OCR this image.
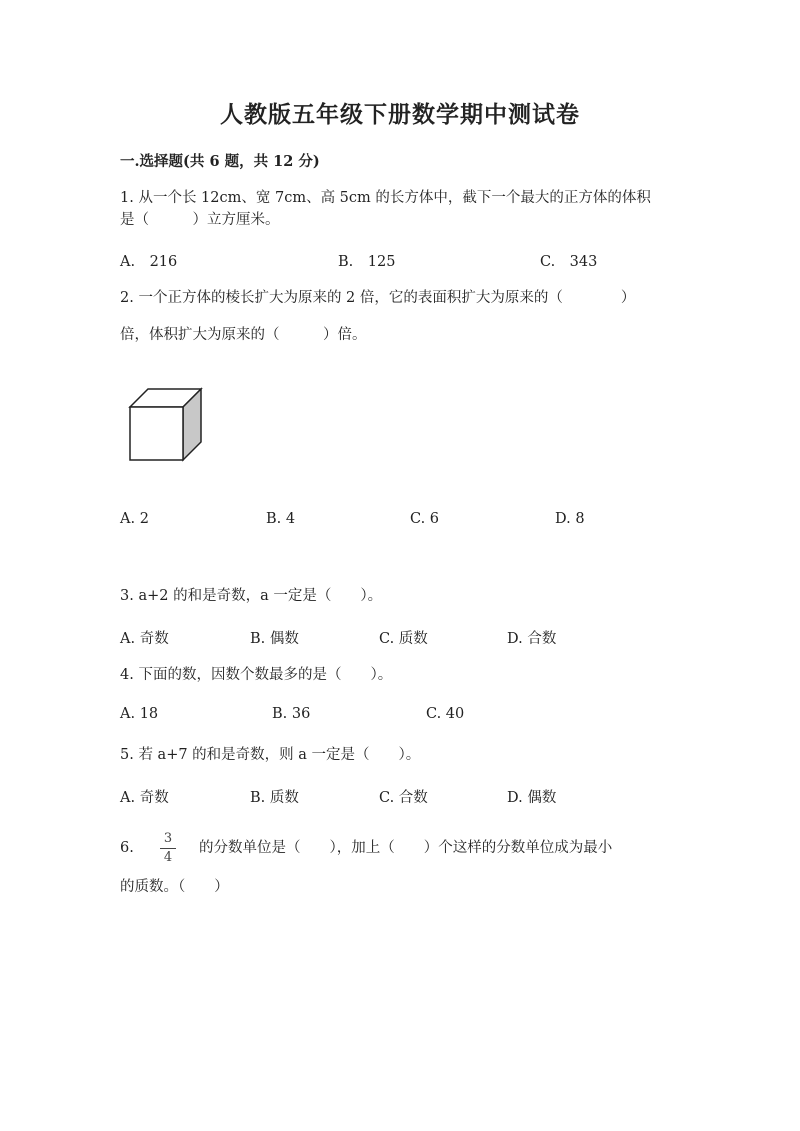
人教版五年级下册数学期中测试卷
一.选择题(共 6 题，共 12 分)
1. 从一个长 12cm、宽 7cm、高 5cm 的长方体中，截下一个最大的正方体的体积
是（　　　）立方厘米。
A.　216	B.　125	C.　343
2. 一个正方体的棱长扩大为原来的 2 倍，它的表面积扩大为原来的（　　　　）
倍，体积扩大为原来的（　　　）倍。
A. 2	B. 4	C. 6	D. 8
3. a+2 的和是奇数，a 一定是（　　）。
A. 奇数	B. 偶数	C. 质数	D. 合数
4. 下面的数，因数个数最多的是（　　）。
A. 18	B. 36	C. 40
5. 若 a+7 的和是奇数，则 a 一定是（　　）。
A. 奇数	B. 质数	C. 合数	D. 偶数
6.
3
4
的分数单位是（　　），加上（　　）个这样的分数单位成为最小
的质数。（　　）
